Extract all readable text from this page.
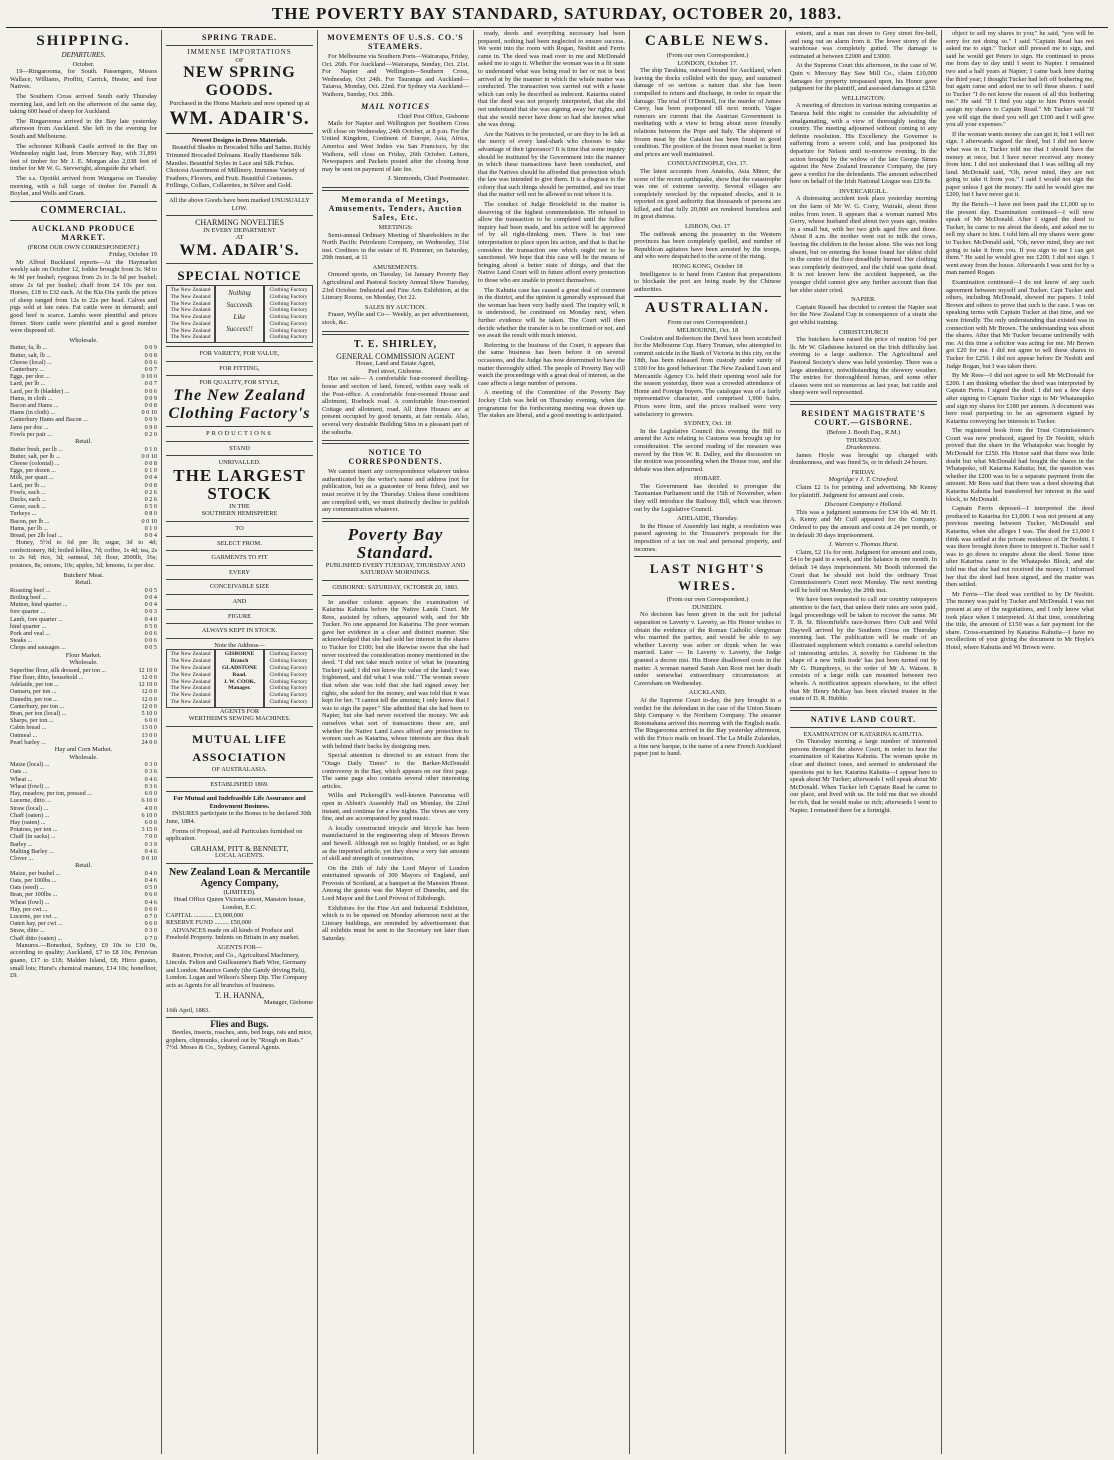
THE POVERTY BAY STANDARD, SATURDAY, OCTOBER 20, 1883.
SHIPPING.
DEPARTURES.
October.

19—Ringarooma, for South. Passengers, Messrs Wallace, Williams, Proffitt, Carrick, Hester, and four Natives.

The Southern Cross arrived South early Thursday morning last, and left on the afternoon of the same day, taking 600 head of sheep for Auckland.

The Ringarooma arrived in the Bay late yesterday afternoon from Auckland. She left in the evening for South and Melbourne.

The schooner Kilbank Castle arrived in the Bay on Wednesday night last, from Mercury Bay, with 31,891 feet of timber for Mr J. E. Morgan also 2,038 feet of timber for Mr W. G. Sievwright, alongside the wharf.

The s.s. Opotiki arrived from Wangaroa on Tuesday morning, with a full cargo of timber for Parnell & Boylan, and Wells and Grant.

COMMERCIAL.
AUCKLAND PRODUCE MARKET.
(FROM OUR OWN CORRESPONDENT.)
Friday, October 19

Mr Alfred Buckland reports—At the Haymarket weekly sale on October 12, fodder brought from 3s. 9d to 4s 9d per bushel; ryegrass from 2s to 3s 6d per bushel; straw 2s 6d per bushel; chaff from £4 10s per ton. Horses, £18 to £32 each. At the Kia Ora yards the prices of sheep ranged from 12s to 22s per head. Calves and pigs sold at late rates. Fat cattle were in demand; and good beef is scarce. Lambs were plentiful and prices firmer. Store cattle were plentiful and a good number were disposed of.

Wholesale.
Butter, fa, lb ...	0 0 9
Butter, salt, lb ...	0 0 8
Cheese (local) ...	0 0 6
Canterbury ...	0 0 7
Eggs, per doz ...	0 10 0
Lard, per lb ...	0 0 7
Lard, per lb (bladder) ...	0 0 6
Hams, in cloth ...	0 0 9
Bacon and Hams ...	0 0 8
Hams (in cloth) ...	0 0 10
Canterbury Hams and Bacon ...	0 0 9
Jams per doz ...	0 9 0
Fowls per pair ...	0 2 0
Retail.
Butter fresh, per lb ...	0 1 0
Butter, salt, per lb ...	0 0 10
Cheese (colonial) ...	0 0 8
Eggs, per dozen ...	0 1 0
Milk, per quart ...	0 0 4
Lard, per lb ...	0 0 8
Fowls, each ...	0 2 6
Ducks, each ...	0 2 6
Geese, each ...	0 5 0
Turkeys ...	0 8 0
Bacon, per lb ...	0 0 10
Hams, per lb ...	0 1 0
Bread, per 2lb loaf ...	0 0 4

Honey, 5½d to 6d per lb; sugar, 3d to 4d; confectionery, 8d; boiled lollies, 7d; coffee, 1s 4d; tea, 2s to 2s 6d; rice, 3d; oatmeal, 3d; flour, 2000lb, 16s; potatoes, 8s; onions, 10s; apples, 3d; lemons, 1s per doz.

Butchers' Meat.
Retail.
Roasting beef ...	0 0 5
Boiling beef ...	0 0 4
Mutton, hind quarter ...	0 0 4
fore quarter ...	0 0 3
Lamb, fore quarter ...	0 4 0
hind quarter ...	0 5 0
Pork and veal ...	0 0 6
Steaks ...	0 0 6
Chops and sausages ...	0 0 5
Flour Market.
Wholesale.
Superfine flour, silk dressed, per ton ...	12 10 0
Fine flour, ditto, household ...	12 0 0
Adelaide, per ton ...	12 10 0
Oamaru, per ton ...	12 0 0
Dunedin, per ton ...	12 0 0
Canterbury, per ton ...	12 0 0
Bran, per ton (local) ...	5 10 0
Sharps, per ton ...	6 0 0
Cabin bread ...	13 0 0
Oatmeal ...	13 0 0
Pearl barley ...	24 0 0
Hay and Corn Market.
Wholesale.
Maize (local) ...	0 3 0
Oats ...	0 3 6
Wheat ...	0 4 6
Wheat (fowl) ...	0 3 6
Hay, meadow, per ton, pressed ...	6 0 0
Lucerne, ditto ...	6 10 0
Straw (local) ...	4 0 0
Chaff (oaten) ...	6 10 0
Hay (oaten) ...	6 0 0
Potatoes, per ton ...	3 15 0
Chaff (in sacks) ...	7 0 0
Barley ...	0 3 9
Malting Barley ...	0 4 6
Clover ...	0 0 10
Retail.
Maize, per bushel ...	0 4 0
Oats, per 100lbs ...	0 4 6
Oats (seed) ...	0 5 0
Bran, per 100lbs ...	0 6 0
Wheat (fowl) ...	0 4 6
Hay, per cwt ...	0 6 0
Lucerne, per cwt ...	0 7 0
Oaten hay, per cwt ...	0 6 0
Straw, ditto ...	0 3 0
Chaff ditto (oaten) ...	0 7 0

Manures.—Bonedust, Sydney, £9 10s to £10 0s, according to quality; Auckland, £7 to £8 10s; Peruvian guano, £17 to £18; Malden Island, £8; Hirco guano, small lots; Hurst's chemical manure, £14 10s; bonefloor, £9.

SPRING TRADE.
IMMENSE IMPORTATIONS
OF
NEW SPRING GOODS.
Purchased in the Home Markets and now opened up at
WM. ADAIR'S.
Newest Designs in Dress Materials.

Beautiful Shades in Brocaded Silks and Satins. Richly Trimmed Brocaded Dolmans. Really Handsome Silk Mantles. Beautiful Styles in Lace and Silk Fichus. Choicest Assortment of Millinery. Immense Variety of Feathers, Flowers, and Fruit. Beautiful Costumes. Frillings, Collars, Collarettes, in Silver and Gold.

All the above Goods have been marked UNUSUALLY LOW.
CHARMING NOVELTIES
IN EVERY DEPARTMENT
AT
WM. ADAIR'S.
SPECIAL NOTICE
The New Zealand
The New Zealand
The New Zealand
The New Zealand
The New Zealand
The New Zealand
The New Zealand
The New Zealand
Nothing
Succeeds
Like
Success!!
Clothing Factory
Clothing Factory
Clothing Factory
Clothing Factory
Clothing Factory
Clothing Factory
Clothing Factory
Clothing Factory
FOR VARIETY, FOR VALUE,
FOR FITTING,
FOR QUALITY, FOR STYLE,
The New Zealand
Clothing Factory's
PRODUCTIONS
STAND
UNRIVALLED.
THE LARGEST STOCK
IN THE
SOUTHERN HEMISPHERE
TO
SELECT FROM.
GARMENTS TO FIT
EVERY
CONCEIVABLE SIZE
AND
FIGURE
ALWAYS KEPT IN STOCK.
Note the Address—
The New Zealand
The New Zealand
The New Zealand
The New Zealand
The New Zealand
The New Zealand
The New Zealand
The New Zealand
GISBORNE
Branch
GLADSTONE
Road.
J. W. COOK,
Manager.
Clothing Factory
Clothing Factory
Clothing Factory
Clothing Factory
Clothing Factory
Clothing Factory
Clothing Factory
Clothing Factory
AGENTS FOR
WERTHEIM'S SEWING MACHINES.
MUTUAL LIFE ASSOCIATION
OF AUSTRALASIA.
ESTABLISHED 1869.
For Mutual and Indefeasible Life Assurance and Endowment Business.

INSURES participate in the Bonus to be declared 30th June, 1884.

Forms of Proposal, and all Particulars furnished on application.

GRAHAM, PITT & BENNETT,
LOCAL AGENTS.
New Zealand Loan & Mercantile Agency Company,
(LIMITED).
Head Office Queen Victoria-street, Mansion house, London, E.C.
CAPITAL ............ £3,000,000
RESERVE FUND ......... £50,000

ADVANCES made on all kinds of Produce and Freehold Property. Indents on Britain in any market.

AGENTS FOR—

Ruston, Proctor, and Co., Agricultural Machinery, Lincoln. Felton and Guilleaume's Barb Wire, Germany and London. Maurice Gandy (the Gandy driving Belt), London. Logan and Wilson's Sheep Dip. The Company acts as Agents for all branches of business.

T. H. HANNA,
Manager, Gisborne
16th April, 1883.
Flies and Bugs.

Beetles, insects, roaches, ants, bed bugs, rats and mice, gophers, chipmunks, cleared out by "Rough on Rats." 7½d. Moses & Co., Sydney, General Agents.

MOVEMENTS OF U.S.S. CO.'S STEAMERS.

For Melbourne via Southern Ports—Wairarapa, Friday, Oct. 26th. For Auckland—Wairarapa, Sunday, Oct. 21st. For Napier and Wellington—Southern Cross, Wednesday, Oct 24th. For Tauranga and Auckland—Taiaroa, Monday, Oct. 22nd. For Sydney via Auckland—Waihora, Sunday, Oct. 28th.

MAIL NOTICES
Chief Post Office, Gisborne

Mails for Napier and Wellington per Southern Cross will close on Wednesday, 24th October, at 8 p.m. For the United Kingdom, Continent of Europe, Asia, Africa, America and West Indies via San Francisco, by the Waihora, will close on Friday, 26th October. Letters, Newspapers and Packets posted after the closing hour may be sent on payment of late fee.

J. Simmonds, Chief Postmaster.
Memoranda of Meetings, Amusements, Tenders, Auction Sales, Etc.
MEETINGS:

Semi-annual Ordinary Meeting of Shareholders in the North Pacific Petroleum Company, on Wednesday, 31st inst. Creditors in the estate of H. Primmer, on Saturday, 20th instant, at 11

AMUSEMENTS.

Ormond sports, on Tuesday, 1st January Poverty Bay Agricultural and Pastoral Society Annual Show Tuesday, 23rd October. Industrial and Fine Arts Exhibition, at the Literary Rooms, on Monday, Oct 22.

SALES BY AUCTION.

Fraser, Wyllie and Co— Weekly, as per advertisement, stock, &c.

T. E. SHIRLEY,
GENERAL COMMISSION AGENT
House, Land and Estate Agent,
Peel street, Gisborne.

Has on sale— A comfortable four-roomed dwelling-house and section of land, fenced, within easy walk of the Post-office. A comfortable four-roomed House and allotment, Roebuck road. A comfortable four-roomed Cottage and allotment, road. All three Houses are at present occupied by good tenants, at fair rentals. Also, several very desirable Building Sites in a pleasant part of the suburbs.

NOTICE TO CORRESPONDENTS.

We cannot insert any correspondence whatever unless authenticated by the writer's name and address (not for publication, but as a guarantee of bona fides), and we must receive it by the Thursday. Unless these conditions are complied with, we must distinctly decline to publish any communication whatever.

Poverty Bay Standard.
PUBLISHED EVERY TUESDAY, THURSDAY AND SATURDAY MORNINGS.
GISBORNE: SATURDAY, OCTOBER 20, 1883.

In another column appears the examination of Katarina Kahutia before the Native Lands Court. Mr Rees, assisted by others, appeared with, and for Mr Tucker. No one appeared for Katarina. The poor woman gave her evidence in a clear and distinct manner. She acknowledged that she had sold her interest in the shares to Tucker for £100; but she likewise swore that she had never received the consideration money mentioned in the deed. "I did not take much notice of what he (meaning Tucker) said; I did not know the value of the land; I was frightened, and did what I was told." The woman swore that when she was told that she had signed away her rights, she asked for the money, and was told that it was kept for her. "I cannot tell the amount; I only know that I was to sign the paper." She admitted that she had been to Napier, but she had never received the money. We ask ourselves what sort of transactions these are, and whether the Native Land Laws afford any protection to women such as Katarina, whose interests are thus dealt with behind their backs by designing men.

Special attention is directed to an extract from the "Otago Daily Times" to the Barker-McDonald controversy in the Bay, which appears on our first page. The same page also contains several other interesting articles.

Willis and Pickersgill's well-known Panorama will open in Abbott's Assembly Hall on Monday, the 22nd instant, and continue for a few nights. The views are very fine, and are accompanied by good music.

A locally constructed tricycle and bicycle has been manufactured in the engineering shop of Messrs Brown and Sewell. Although not so highly finished, or as light as the imported article, yet they show a very fair amount of skill and strength of construction.

On the 26th of July the Lord Mayor of London entertained upwards of 300 Mayors of England, and Provosts of Scotland, at a banquet at the Mansion House. Among the guests was the Mayor of Dunedin, and the Lord Mayor and the Lord Provost of Edinburgh.

Exhibitors for the Fine Art and Industrial Exhibition, which is to be opened on Monday afternoon next at the Literary buildings, are reminded by advertisement that all exhibits must be sent to the Secretary not later than Saturday.

ready, deeds and everything necessary had been prepared, nothing had been neglected to ensure success. We went into the room with Rogan, Nesbitt and Ferris came in. The deed was read over to me and McDonald asked me to sign it. Whether the woman was in a fit state to understand what was being read to her or not is best arrived at by the manner in which the whole matter was conducted. The transaction was carried out with a haste which can only be described as indecent. Katarina stated that the deed was not properly interpreted, that she did not understand that she was signing away her rights, and that she would never have done so had she known what she was doing.

Are the Natives to be protected, or are they to be left at the mercy of every land-shark who chooses to take advantage of their ignorance? It is time that some inquiry should be instituted by the Government into the manner in which these transactions have been conducted, and that the Natives should be afforded that protection which the law was intended to give them. It is a disgrace to the colony that such things should be permitted, and we trust that the matter will not be allowed to rest where it is.

The conduct of Judge Brookfield in the matter is deserving of the highest commendation. He refused to allow the transaction to be completed until the fullest inquiry had been made, and his action will be approved of by all right-thinking men. There is but one interpretation to place upon his action, and that is that he considers the transaction one which ought not to be sanctioned. We hope that this case will be the means of bringing about a better state of things, and that the Native Land Court will in future afford every protection to those who are unable to protect themselves.

The Kahutia case has caused a great deal of comment in the district, and the opinion is generally expressed that the woman has been very badly used. The inquiry will, it is understood, be continued on Monday next, when further evidence will be taken. The Court will then decide whether the transfer is to be confirmed or not, and we await the result with much interest.

Referring to the business of the Court, it appears that the same business has been before it on several occasions, and the Judge has now determined to have the matter thoroughly sifted. The people of Poverty Bay will watch the proceedings with a great deal of interest, as the case affects a large number of persons.

A meeting of the Committee of the Poverty Bay Jockey Club was held on Thursday evening, when the programme for the forthcoming meeting was drawn up. The stakes are liberal, and a good meeting is anticipated.

CABLE NEWS.
(From our own Correspondent.)
LONDON, October 17.

The ship Tarakina, outward bound for Auckland, when leaving the docks collided with the quay, and sustained damage of so serious a nature that she has been compelled to return and discharge, in order to repair the damage. The trial of O'Donnell, for the murder of James Carey, has been postponed till next month. Vague rumours are current that the Austrian Government is meditating with a view to bring about more friendly relations between the Pope and Italy. The shipment of frozen meat by the Cataloni has been found in good condition. The position of the frozen meat market is firm and prices are well maintained.

CONSTANTINOPLE, Oct. 17.

The latest accounts from Anatolia, Asia Minor, the scene of the recent earthquake, show that the catastrophe was one of extreme severity. Several villages are completely wrecked by the repeated shocks, and it is reported on good authority that thousands of persons are killed, and that fully 20,000 are rendered homeless and in great distress.

LISBON, Oct. 17

The outbreak among the peasantry in the Western provinces has been completely quelled, and number of Republican agitators have been arrested by the troops, and who were despatched to the scene of the rising.

HONG KONG, October 18

Intelligence is to hand from Canton that preparations to blockade the port are being made by the Chinese authorities.

AUSTRALIAN.
From our own Correspondent.)
MELBOURNE, Oct. 18

Coulston and Robertson the Devil have been scratched for the Melbourne Cup. Harry Truman, who attempted to commit suicide in the Bank of Victoria in this city, on the 18th, has been released from custody under surety of £100 for his good behaviour. The New Zealand Loan and Mercantile Agency Co. held their opening wool sale for the season yesterday, there was a crowded attendance of Home and Foreign buyers. The catalogue was of a fairly representative character, and comprised 1,900 bales. Prices were firm, and the prices realised were very satisfactory to growers.

SYDNEY, Oct. 18

In the Legislative Council this evening the Bill to amend the Acts relating to Customs was brought up for consideration. The second reading of the measure was moved by the Hon W. B. Dalley, and the discussion on the motion was proceeding when the House rose, and the debate was then adjourned.

HOBART.

The Government has decided to prorogue the Tasmanian Parliament until the 15th of November, when they will introduce the Railway Bill, which was thrown out by the Legislative Council.

ADELAIDE, Thursday.

In the House of Assembly last night, a resolution was passed agreeing to the Treasurer's proposals for the imposition of a tax on real and personal property, and incomes.

LAST NIGHT'S WIRES.
(From our own Correspondent.)
DUNEDIN.

No decision has been given in the suit for judicial separation re Laverty v. Laverty, as His Honor wishes to obtain the evidence of the Roman Catholic clergyman who married the parties, and would be able to say whether Laverty was sober or drunk when he was married. Later — In Laverty v. Laverty, the Judge granted a decree nisi. His Honor disallowed costs in the matter. A woman named Sarah Ann Root met her death under somewhat extraordinary circumstances at Caversham on Wednesday.

AUCKLAND.

At the Supreme Court to-day, the jury brought in a verdict for the defendant in the case of the Union Steam Ship Company v. the Northern Company. The steamer Rotomahana arrived this morning with the English mails. The Ringarooma arrived in the Bay yesterday afternoon, with the Frisco mails on board. The La Mulle Zulandais, a fine new barque, is the name of a new French Auckland paper just to hand.

extent, and a man ran down to Grey street fire-bell, and rang out an alarm from it. The lower storey of the warehouse was completely gutted. The damage is estimated at between £2000 and £3000.

At the Supreme Court this afternoon, in the case of W. Quin v. Mercury Bay Saw Mill Co., claim £10,000 damages for property trespassed upon, his Honor gave judgment for the plaintiff, and assessed damages at £250.

WELLINGTON.

A meeting of directors in various mining companies at Tararua held this night to consider the advisability of amalgamating, with a view of thoroughly testing the country. The meeting adjourned without coming to any definite resolution. His Excellency the Governor is suffering from a severe cold, and has postponed his departure for Nelson until to-morrow evening. In the action brought by the widow of the late George Simm against the New Zealand Insurance Company, the jury gave a verdict for the defendants. The amount subscribed here on behalf of the Irish National League was £29 8s.

INVERCARGILL.

A distressing accident took place yesterday morning on the farm of Mr W. G. Corry, Wairaki, about three miles from town. It appears that a woman named Mrs Gerry, whose husband died about two years ago, resides in a small hut, with her two girls aged five and three. About 8 a.m. the mother went out to milk the cows, leaving the children in the house alone. She was not long absent, but on entering the house found her eldest child in the centre of the floor dreadfully burned. Her clothing was completely destroyed, and the child was quite dead. It is not known how the accident happened, as the younger child cannot give any further account than that her elder sister cried.

NAPIER.

Captain Russell has decided to contest the Napier seat for the New Zealand Cup in consequence of a strain she got whilst training.

CHRISTCHURCH

The butchers have raised the price of mutton ½d per lb. Mr W. Gladstone lectured on the Irish difficulty last evening to a large audience. The Agricultural and Pastoral Society's show was held yesterday. There was a large attendance, notwithstanding the showery weather. The entries for thoroughbred horses, and some other classes were not so numerous as last year, but cattle and sheep were well represented.

RESIDENT MAGISTRATE'S COURT.—GISBORNE.
(Before J. Booth Esq., R.M.)
THURSDAY.
Drunkenness.

James Hoyle was brought up charged with drunkenness, and was fined 5s, or in default 24 hours.

FRIDAY.
Mogridge v J. T. Crawford.

Claim £2 1s for printing and advertising. Mr Kenny for plaintiff. Judgment for amount and costs.

Discount Company v Holland.

This was a judgment summons for £34 10s 4d. Mr H. A. Kenny and Mr Cuff appeared for the Company. Ordered to pay the amount and costs at 24 per month, or in default 30 days imprisonment.

J. Warren v. Thomas Hurst.

Claim, £2 11s for rent. Judgment for amount and costs, £4 to be paid in a week, and the balance in one month. In default 14 days imprisonment. Mr Booth informed the Court that he should not hold the ordinary Trust Commissioner's Court next Monday. The next meeting will be held on Monday, the 29th inst.

We have been requested to call our country ratepayers attention to the fact, that unless their rates are soon paid, legal proceedings will be taken to recover the same. Mr T. R. St. Bloomfield's race-horses Hero Cult and Wild Daywell arrived by the Southern Cross on Thursday morning last. The publication will be made of an illustrated supplement which contains a careful selection of interesting articles. A novelty for Gisborne in the shape of a new 'milk trade' has just been turned out by Mr G. Humphreys, to the order of Mr A. Watson. It consists of a large milk can mounted between two wheels. A notification appears elsewhere, to the effect that Mr Henry McKay has been elected trustee in the estate of D. R. Hubble.

NATIVE LAND COURT.
EXAMINATION OF KATARINA KAHUTIA.

On Thursday morning a large number of interested persons thronged the above Court, in order to hear the examination of Katarina Kahutia. The woman spoke in clear and distinct tones, and seemed to understand the questions put to her. Katarina Kahutia—I appear here to speak about Mr Tucker; afterwards I will speak about Mr McDonald. When Tucker left Captain Read he came to our place, and lived with us. He told me that we should be rich, that he would make us rich; afterwards I went to Napier. I remained there for a fortnight.

object to sell my shares to you;" he said, "you will be sorry for not doing so." I said "Captain Read has not asked me to sign." Tucker still pressed me to sign, and said he would get Peters to sign. He continued to press me from day to day until I went to Napier. I remained two and a half years at Napier; I came back here during the third year; I thought Tucker had left off bothering me, but again came and asked me to sell these shares. I said to Tucker "I do not know the reason of all this bothering me." He said "If I find you sign to him Peters would assign my shares to Captain Read." Mr Tucker said "If you will sign the deed you will get £100 and I will give you all your expenses."

If the woman wants money she can get it; but I will not sign. I afterwards signed the deed, but I did not know what was in it. Tucker told me that I should have the money at once, but I have never received any money from him. I did not understand that I was selling all my land. McDonald said, "Oh, never mind, they are not going to take it from you." I said I would not sign the paper unless I got the money. He said he would give me £200, but I have never got it.

By the Bench—I have not been paid the £1,000 up to the present day. Examination continued—I will now speak of Mr McDonald. After I signed the deed to Tucker, he came to me about the deeds, and asked me to sell my share to him. I told him all my shares were gone to Tucker. McDonald said, "Oh, never mind, they are not going to take it from you. If you sign to me I can get them." He said he would give me £200. I did not sign. I went away from the house. Afterwards I was sent for by a man named Rogan.

Examination continued—I do not know of any such agreement between myself and Tucker. Capt Tucker and others, including McDonald, showed me papers. I told Brown and others to prove that such is the case. I was on speaking terms with Captain Tucker at that time, and we were friendly. The only understanding that existed was in connection with Mr Brown. The understanding was about the shares. After that Mr Tucker became unfriendly with me. At this time a solicitor was acting for me. Mr Brown got £20 for me. I did not agree to sell these shares to Tucker for £250. I did not appear before Dr Nesbitt and Judge Rogan, but I was taken there.

By Mr Rees—I did not agree to sell Mr McDonald for £200. I am thinking whether the deed was interpreted by Captain Ferris. I signed the deed. I did not a few days after signing to Captain Tucker sign to Mr Whatanapiko and sign my shares for £180 per annum. A document was here read purporting to be an agreement signed by Katarina conveying her interests to Tucker.

The registered book from the Trust Commissioner's Court was now produced, signed by Dr Nesbitt, which proved that the share in the Whatapoko was bought by McDonald for £250. His Honor said that there was little doubt but what McDonald had bought the shares in the Whatapoko, off Katarina Kahutia; but, the question was whether the £200 was to be a separate payment from the amount. Mr Rees said that there was a deed showing that Katarina Kahutia had transferred her interest in the said block, to McDonald.

Captain Ferris deposed—I interpreted the deed produced to Katarina for £1,000. I was not present at any previous meeting between Tucker, McDonald and Katarina, when she alleges I was. The deed for £1,000 I think was settled at the private residence of Dr Nesbitt. I was there brought down there to interpret it. Tucker said I was to go down to enquire about the deed. Some time after Katarina came to the Whatapoko Block, and she told me that she had not received the money. I informed her that the deed had been signed, and the matter was then settled.

Mr Ferris—The deed was certified to by Dr Nesbitt. The money was paid by Tucker and McDonald. I was not present at any of the negotiations, and I only know what took place when I interpreted. At that time, considering the title, the amount of £150 was a fair payment for the share. Cross-examined by Katarina Kahutia—I have no recollection of your giving the document to Mr Hoyle's Hotel, where Kahutia and Wi Brown were.
